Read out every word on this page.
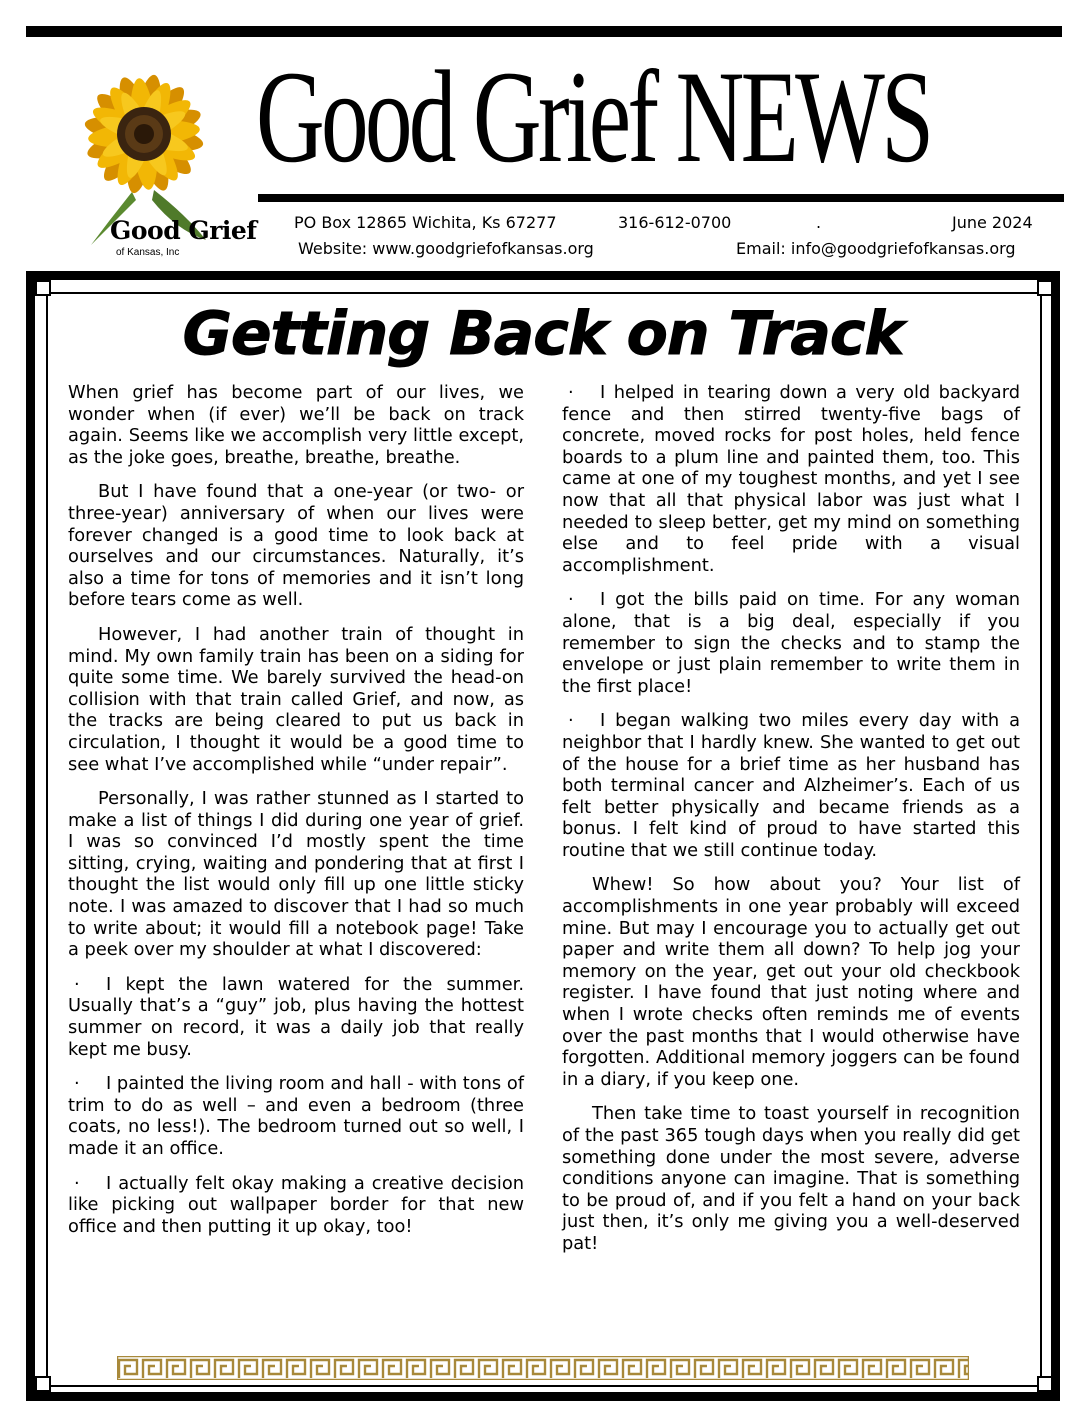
Good Grief
of Kansas, Inc
Good Grief NEWS
PO Box 12865 Wichita, Ks 67277	316-612-0700	.	June 2024
Website: www.goodgriefofkansas.org	Email: info@goodgriefofkansas.org
Getting Back on Track

When grief has become part of our lives, we wonder when (if ever) we’ll be back on track again. Seems like we accomplish very little except, as the joke goes, breathe, breathe, breathe.

But I have found that a one-year (or two- or three-year) anniversary of when our lives were forever changed is a good time to look back at ourselves and our circumstances. Naturally, it’s also a time for tons of memories and it isn’t long before tears come as well.

However, I had another train of thought in mind. My own family train has been on a siding for quite some time. We barely survived the head-on collision with that train called Grief, and now, as the tracks are being cleared to put us back in circulation, I thought it would be a good time to see what I’ve accomplished while “under repair”.

Personally, I was rather stunned as I started to make a list of things I did during one year of grief. I was so convinced I’d mostly spent the time sitting, crying, waiting and pondering that at first I thought the list would only fill up one little sticky note. I was amazed to discover that I had so much to write about; it would fill a notebook page! Take a peek over my shoulder at what I discovered:

· I kept the lawn watered for the summer. Usually that’s a “guy” job, plus having the hottest summer on record, it was a daily job that really kept me busy.

· I painted the living room and hall - with tons of trim to do as well – and even a bedroom (three coats, no less!). The bedroom turned out so well, I made it an office.

· I actually felt okay making a creative decision like picking out wallpaper border for that new office and then putting it up okay, too!

· I helped in tearing down a very old backyard fence and then stirred twenty-five bags of concrete, moved rocks for post holes, held fence boards to a plum line and painted them, too. This came at one of my toughest months, and yet I see now that all that physical labor was just what I needed to sleep better, get my mind on something else and to feel pride with a visual accomplishment.

· I got the bills paid on time. For any woman alone, that is a big deal, especially if you remember to sign the checks and to stamp the envelope or just plain remember to write them in the first place!

· I began walking two miles every day with a neighbor that I hardly knew. She wanted to get out of the house for a brief time as her husband has both terminal cancer and Alzheimer’s. Each of us felt better physically and became friends as a bonus. I felt kind of proud to have started this routine that we still continue today.

Whew! So how about you? Your list of accomplishments in one year probably will exceed mine. But may I encourage you to actually get out paper and write them all down? To help jog your memory on the year, get out your old checkbook register. I have found that just noting where and when I wrote checks often reminds me of events over the past months that I would otherwise have forgotten. Additional memory joggers can be found in a diary, if you keep one.

Then take time to toast yourself in recognition of the past 365 tough days when you really did get something done under the most severe, adverse conditions anyone can imagine. That is something to be proud of, and if you felt a hand on your back just then, it’s only me giving you a well-deserved pat!
